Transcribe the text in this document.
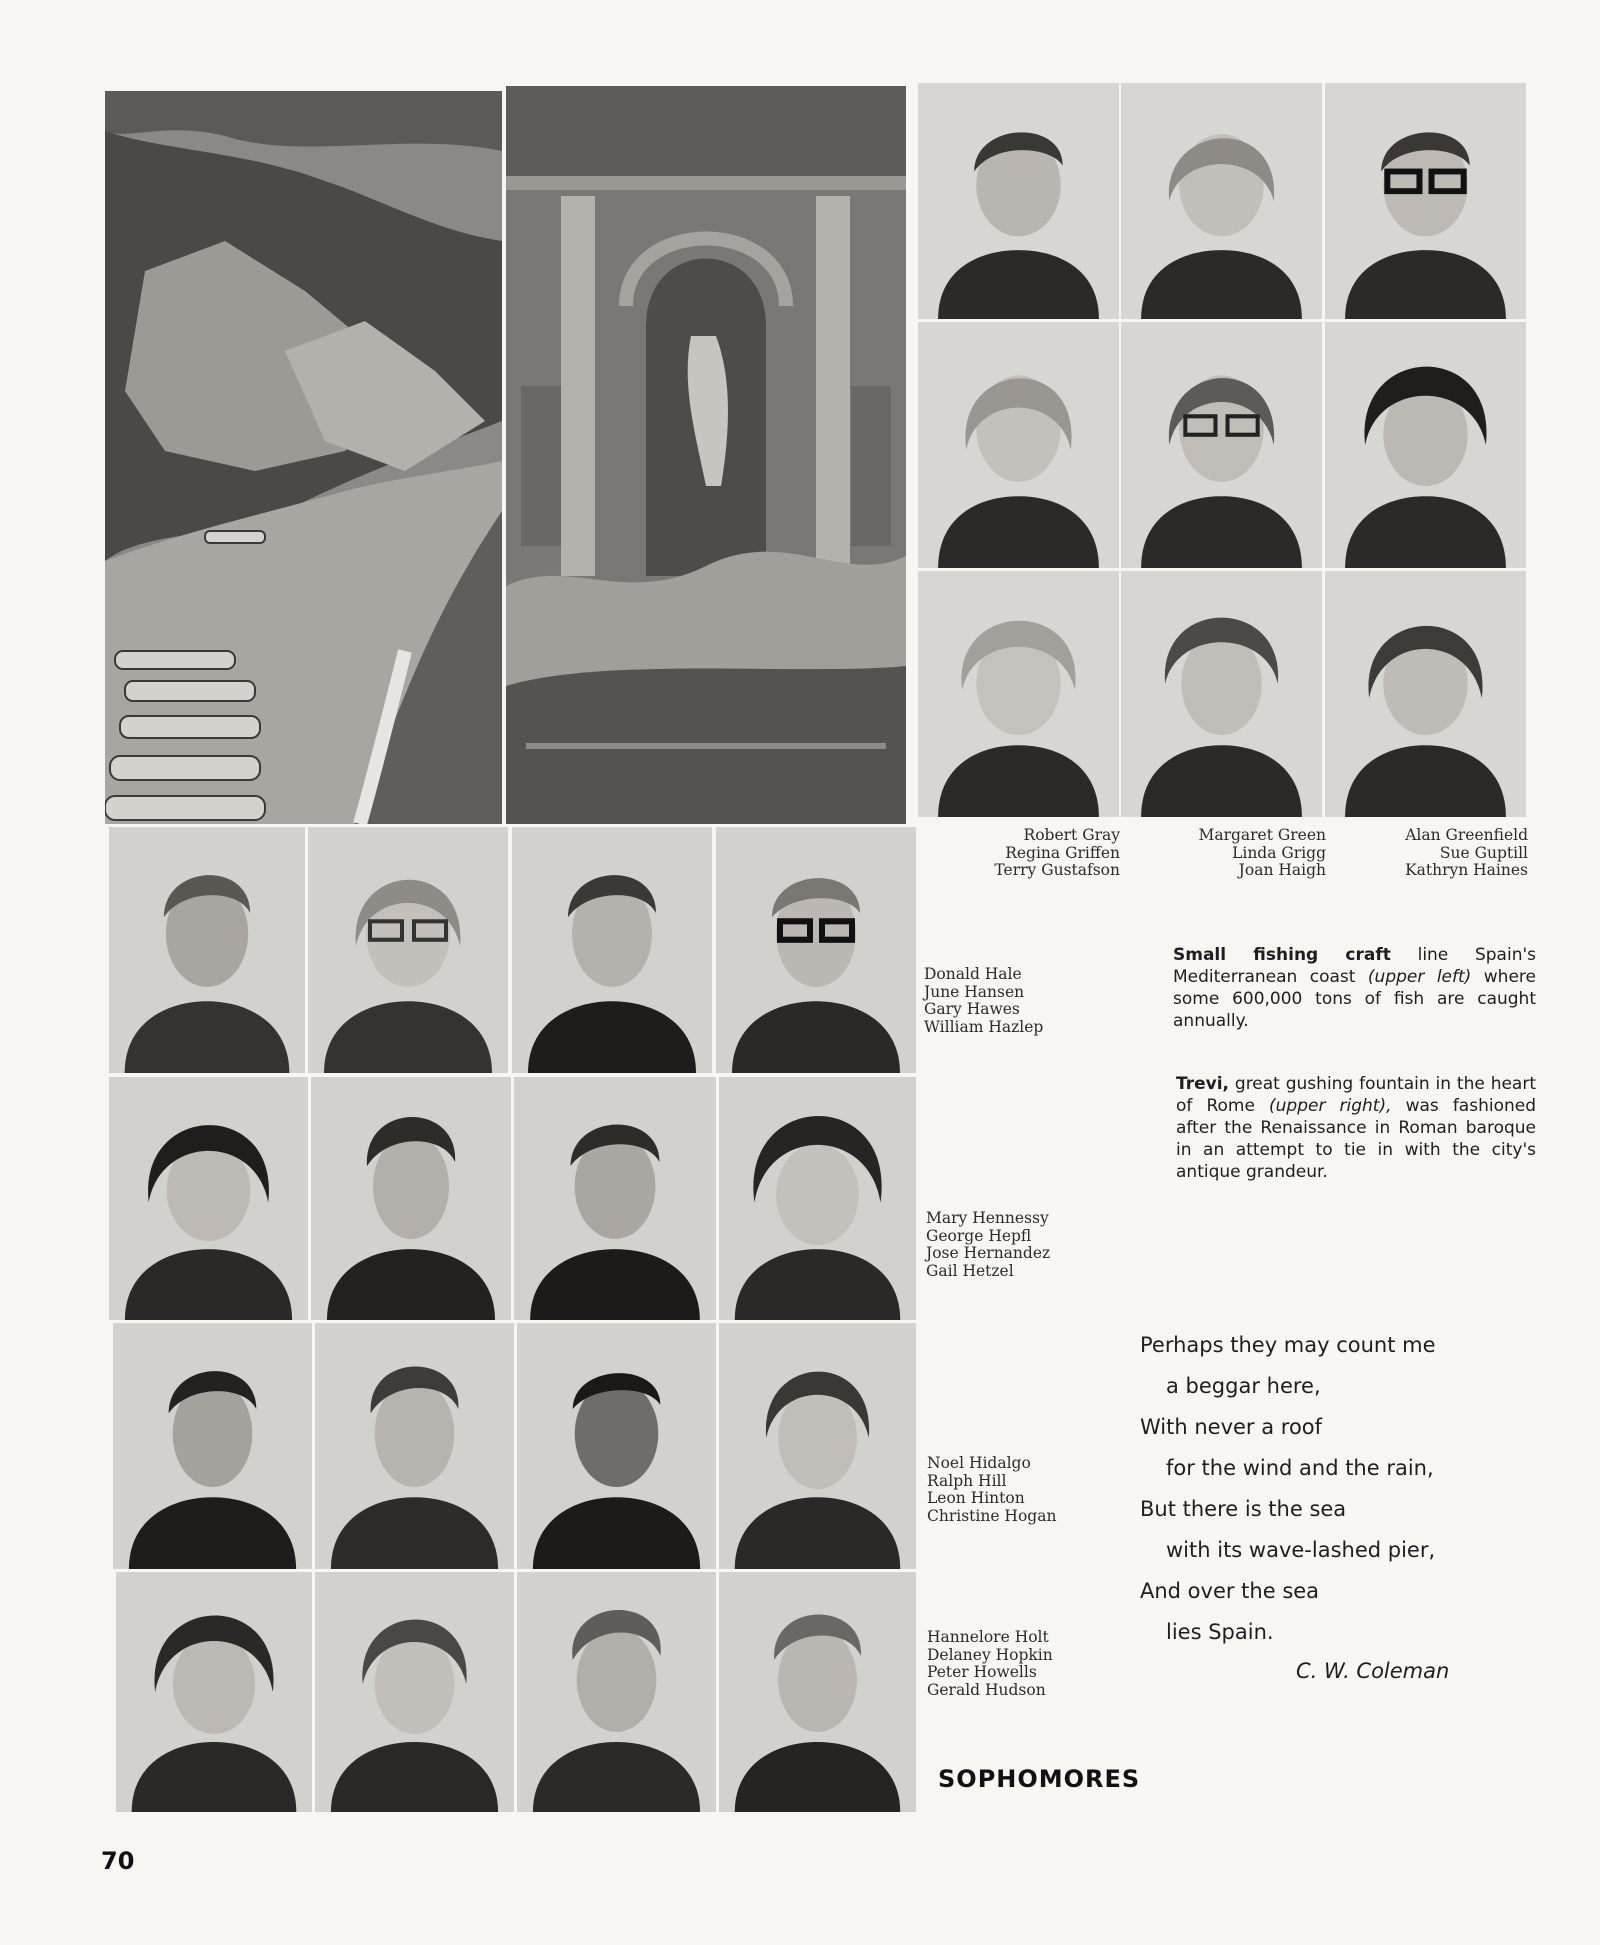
Robert Gray
Regina Griffen
Terry Gustafson
Margaret Green
Linda Grigg
Joan Haigh
Alan Greenfield
Sue Guptill
Kathryn Haines
Donald Hale
June Hansen
Gary Hawes
William Hazlep
Mary Hennessy
George Hepfl
Jose Hernandez
Gail Hetzel
Noel Hidalgo
Ralph Hill
Leon Hinton
Christine Hogan
Hannelore Holt
Delaney Hopkin
Peter Howells
Gerald Hudson

Small fishing craft line Spain's Mediterranean coast (upper left) where some 600,000 tons of fish are caught annually.

Trevi, great gushing fountain in the heart of Rome (upper right), was fashioned after the Renaissance in Roman baroque in an attempt to tie in with the city's antique grandeur.

Perhaps they may count me
a beggar here,
With never a roof
for the wind and the rain,
But there is the sea
with its wave-lashed pier,
And over the sea
lies Spain.
C. W. Coleman
SOPHOMORES
70
